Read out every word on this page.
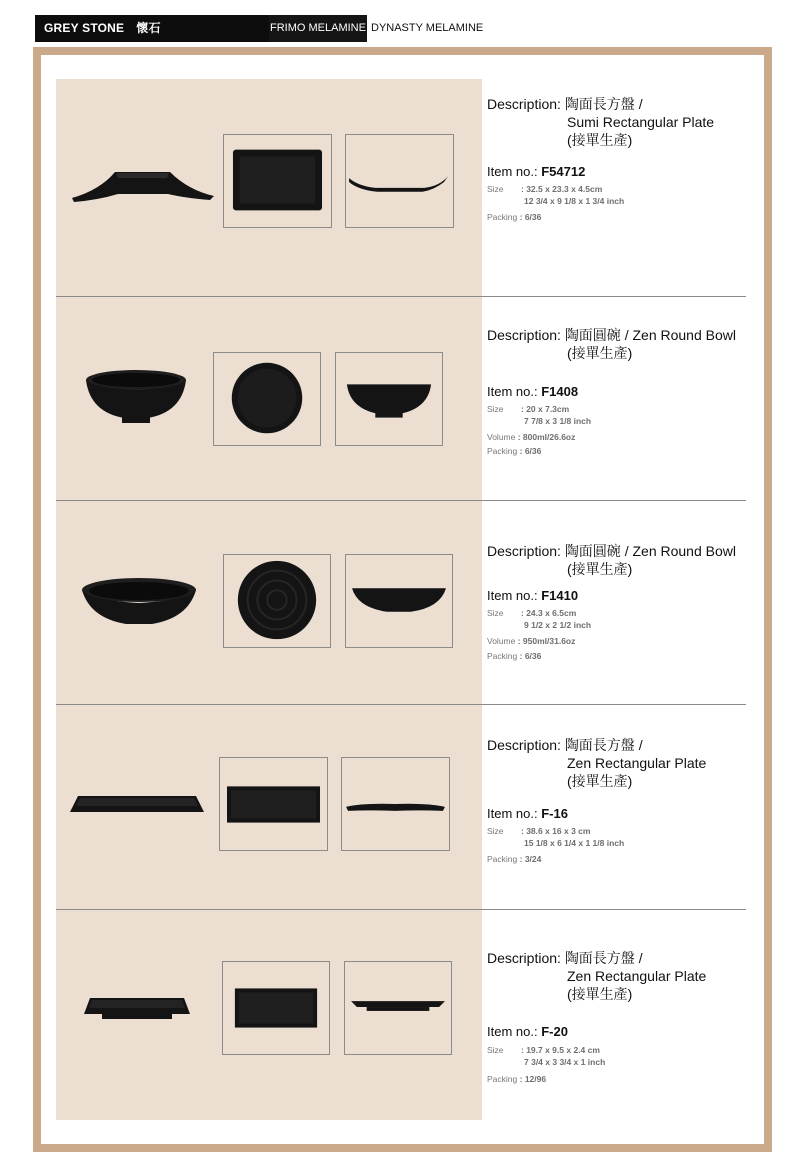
GREY STONE 懷石	FRIMO MELAMINE DYNASTY MELAMINE
Description: 陶面長方盤 /
Sumi Rectangular Plate
(接單生產)
Item no.: F54712
Size : 32.5 x 23.3 x 4.5cm
12 3/4 x 9 1/8 x 1 3/4 inch
Packing : 6/36
Description: 陶面圓碗 / Zen Round Bowl
(接單生產)
Item no.: F1408
Size : 20 x 7.3cm
7 7/8 x 3 1/8 inch
Volume : 800ml/26.6oz
Packing : 6/36
Description: 陶面圓碗 / Zen Round Bowl
(接單生產)
Item no.: F1410
Size : 24.3 x 6.5cm
9 1/2 x 2 1/2 inch
Volume : 950ml/31.6oz
Packing : 6/36
Description: 陶面長方盤 /
Zen Rectangular Plate
(接單生產)
Item no.: F-16
Size : 38.6 x 16 x 3 cm
15 1/8 x 6 1/4 x 1 1/8 inch
Packing : 3/24
Description: 陶面長方盤 /
Zen Rectangular Plate
(接單生產)
Item no.: F-20
Size : 19.7 x 9.5 x 2.4 cm
7 3/4 x 3 3/4 x 1 inch
Packing : 12/96
